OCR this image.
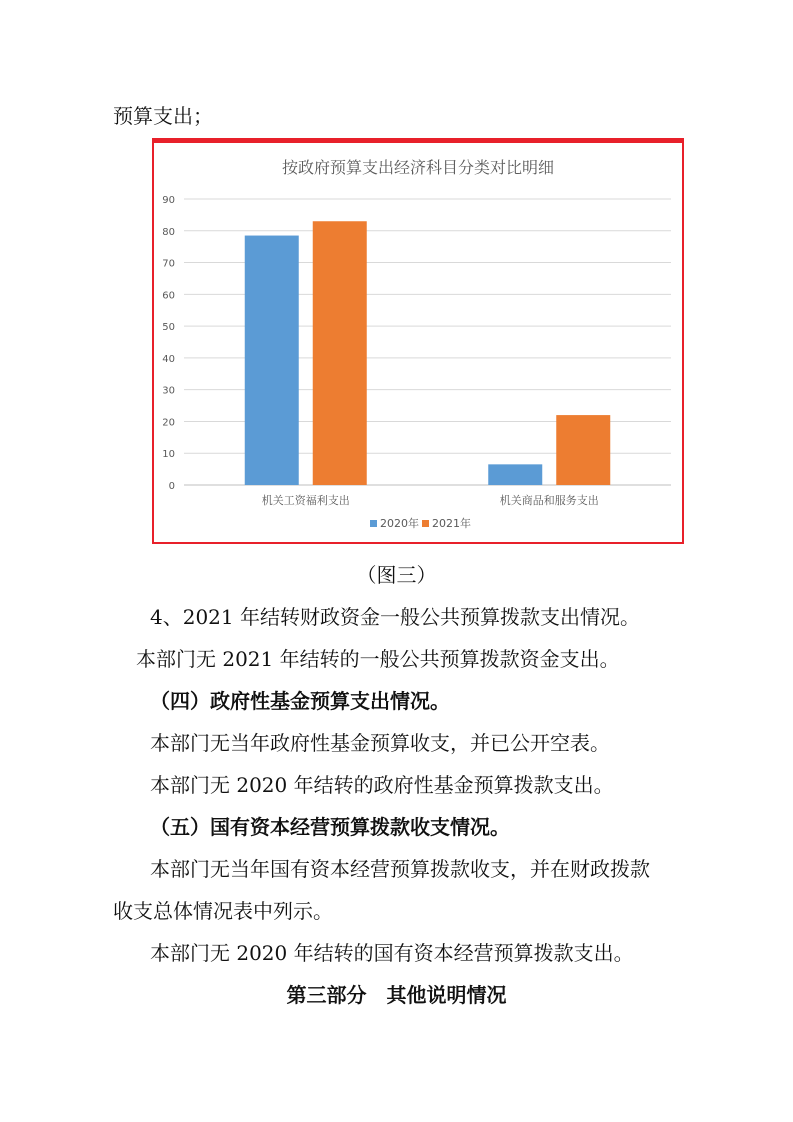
预算支出；
按政府预算支出经济科目分类对比明细
0
10
20
30
40
50
60
70
80
90
机关工资福利支出	机关商品和服务支出
2020年 2021年
（图三）
4、2021 年结转财政资金一般公共预算拨款支出情况。
本部门无 2021 年结转的一般公共预算拨款资金支出。
（四）政府性基金预算支出情况。
本部门无当年政府性基金预算收支，并已公开空表。
本部门无 2020 年结转的政府性基金预算拨款支出。
（五）国有资本经营预算拨款收支情况。
本部门无当年国有资本经营预算拨款收支，并在财政拨款
收支总体情况表中列示。
本部门无 2020 年结转的国有资本经营预算拨款支出。
第三部分　其他说明情况
